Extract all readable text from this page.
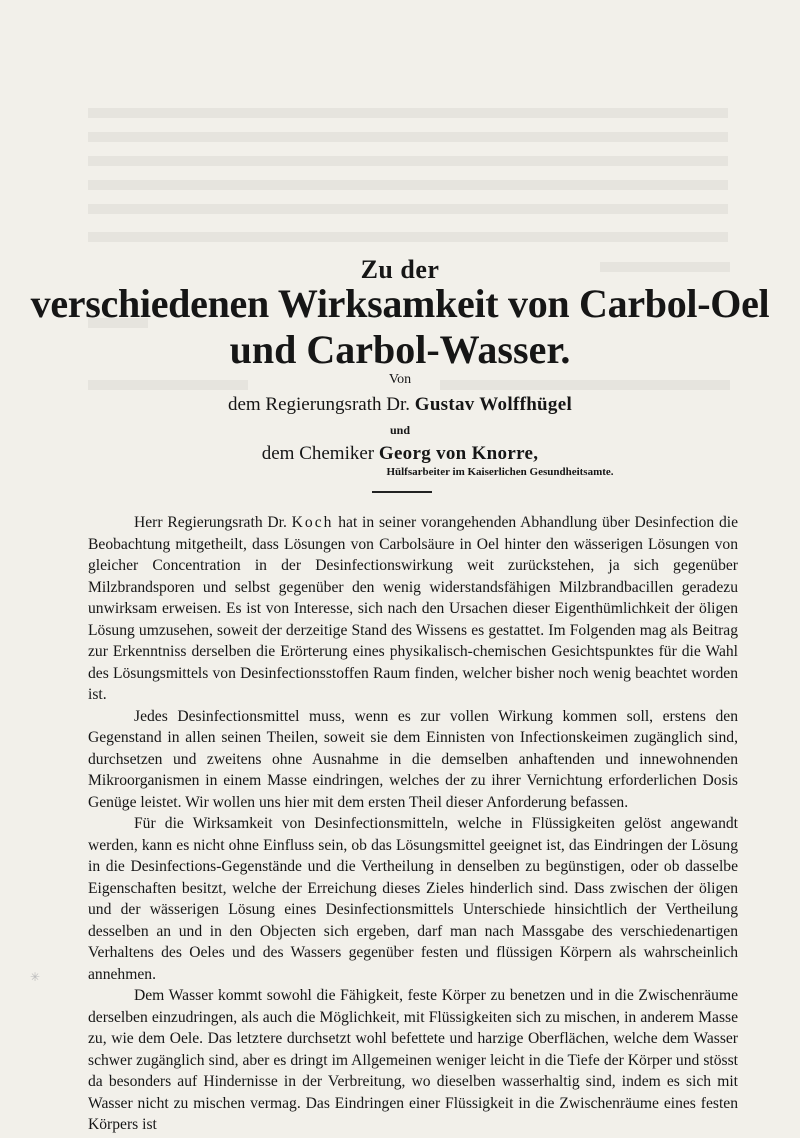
Zu der
verschiedenen Wirksamkeit von Carbol-Oel
und Carbol-Wasser.
Von
dem Regierungsrath Dr. Gustav Wolffhügel
und
dem Chemiker Georg von Knorre,
Hülfsarbeiter im Kaiserlichen Gesundheitsamte.

Herr Regierungsrath Dr. Koch hat in seiner vorangehenden Abhandlung über Desinfection die Beobachtung mitgetheilt, dass Lösungen von Carbolsäure in Oel hinter den wässerigen Lösungen von gleicher Concentration in der Desinfectionswirkung weit zurückstehen, ja sich gegenüber Milzbrandsporen und selbst gegenüber den wenig widerstandsfähigen Milzbrandbacillen geradezu unwirksam erweisen. Es ist von Interesse, sich nach den Ursachen dieser Eigenthümlichkeit der öligen Lösung umzusehen, soweit der derzeitige Stand des Wissens es gestattet. Im Folgenden mag als Beitrag zur Erkenntniss derselben die Erörterung eines physikalisch-chemischen Gesichtspunktes für die Wahl des Lösungsmittels von Desinfectionsstoffen Raum finden, welcher bisher noch wenig beachtet worden ist.

Jedes Desinfectionsmittel muss, wenn es zur vollen Wirkung kommen soll, erstens den Gegenstand in allen seinen Theilen, soweit sie dem Einnisten von Infectionskeimen zugänglich sind, durchsetzen und zweitens ohne Ausnahme in die demselben anhaftenden und innewohnenden Mikroorganismen in einem Masse eindringen, welches der zu ihrer Vernichtung erforderlichen Dosis Genüge leistet. Wir wollen uns hier mit dem ersten Theil dieser Anforderung befassen.

Für die Wirksamkeit von Desinfectionsmitteln, welche in Flüssigkeiten gelöst angewandt werden, kann es nicht ohne Einfluss sein, ob das Lösungsmittel geeignet ist, das Eindringen der Lösung in die Desinfections-Gegenstände und die Vertheilung in denselben zu begünstigen, oder ob dasselbe Eigenschaften besitzt, welche der Erreichung dieses Zieles hinderlich sind. Dass zwischen der öligen und der wässerigen Lösung eines Desinfectionsmittels Unterschiede hinsichtlich der Vertheilung desselben an und in den Objecten sich ergeben, darf man nach Massgabe des verschiedenartigen Verhaltens des Oeles und des Wassers gegenüber festen und flüssigen Körpern als wahrscheinlich annehmen.

Dem Wasser kommt sowohl die Fähigkeit, feste Körper zu benetzen und in die Zwischenräume derselben einzudringen, als auch die Möglichkeit, mit Flüssigkeiten sich zu mischen, in anderem Masse zu, wie dem Oele. Das letztere durchsetzt wohl befettete und harzige Oberflächen, welche dem Wasser schwer zugänglich sind, aber es dringt im Allgemeinen weniger leicht in die Tiefe der Körper und stösst da besonders auf Hindernisse in der Verbreitung, wo dieselben wasserhaltig sind, indem es sich mit Wasser nicht zu mischen vermag. Das Eindringen einer Flüssigkeit in die Zwischenräume eines festen Körpers ist

✳
